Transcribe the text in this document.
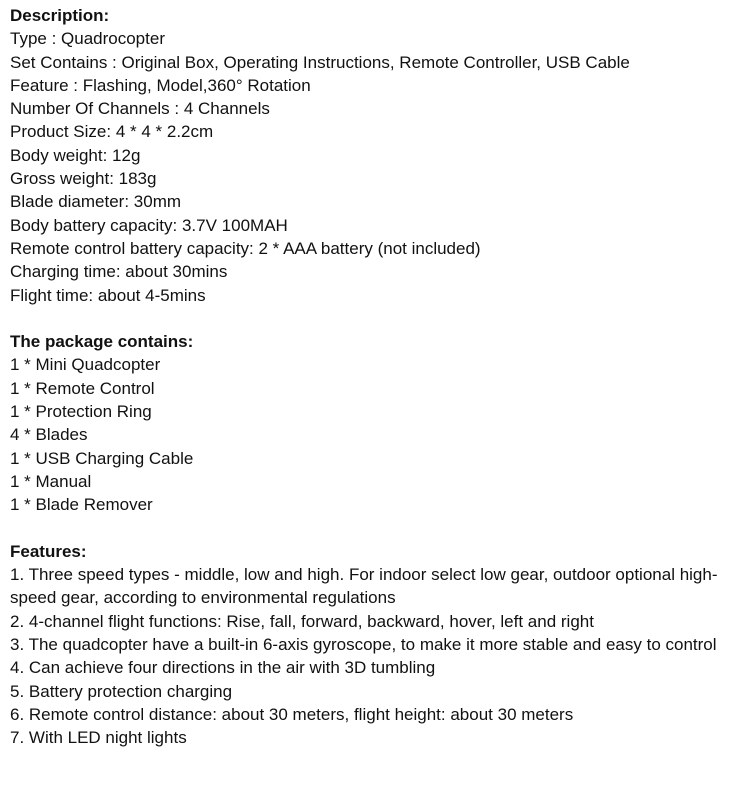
Description:
Type : Quadrocopter
Set Contains : Original Box, Operating Instructions, Remote Controller, USB Cable
Feature : Flashing, Model,360° Rotation
Number Of Channels : 4 Channels
Product Size: 4 * 4 * 2.2cm
Body weight: 12g
Gross weight: 183g
Blade diameter: 30mm
Body battery capacity: 3.7V 100MAH
Remote control battery capacity: 2 * AAA battery (not included)
Charging time: about 30mins
Flight time: about 4-5mins
The package contains:
1 * Mini Quadcopter
1 * Remote Control
1 * Protection Ring
4 * Blades
1 * USB Charging Cable
1 * Manual
1 * Blade Remover
Features:
1. Three speed types - middle, low and high. For indoor select low gear, outdoor optional high-speed gear, according to environmental regulations
2. 4-channel flight functions: Rise, fall, forward, backward, hover, left and right
3. The quadcopter have a built-in 6-axis gyroscope, to make it more stable and easy to control
4. Can achieve four directions in the air with 3D tumbling
5. Battery protection charging
6. Remote control distance: about 30 meters, flight height: about 30 meters
7. With LED night lights
